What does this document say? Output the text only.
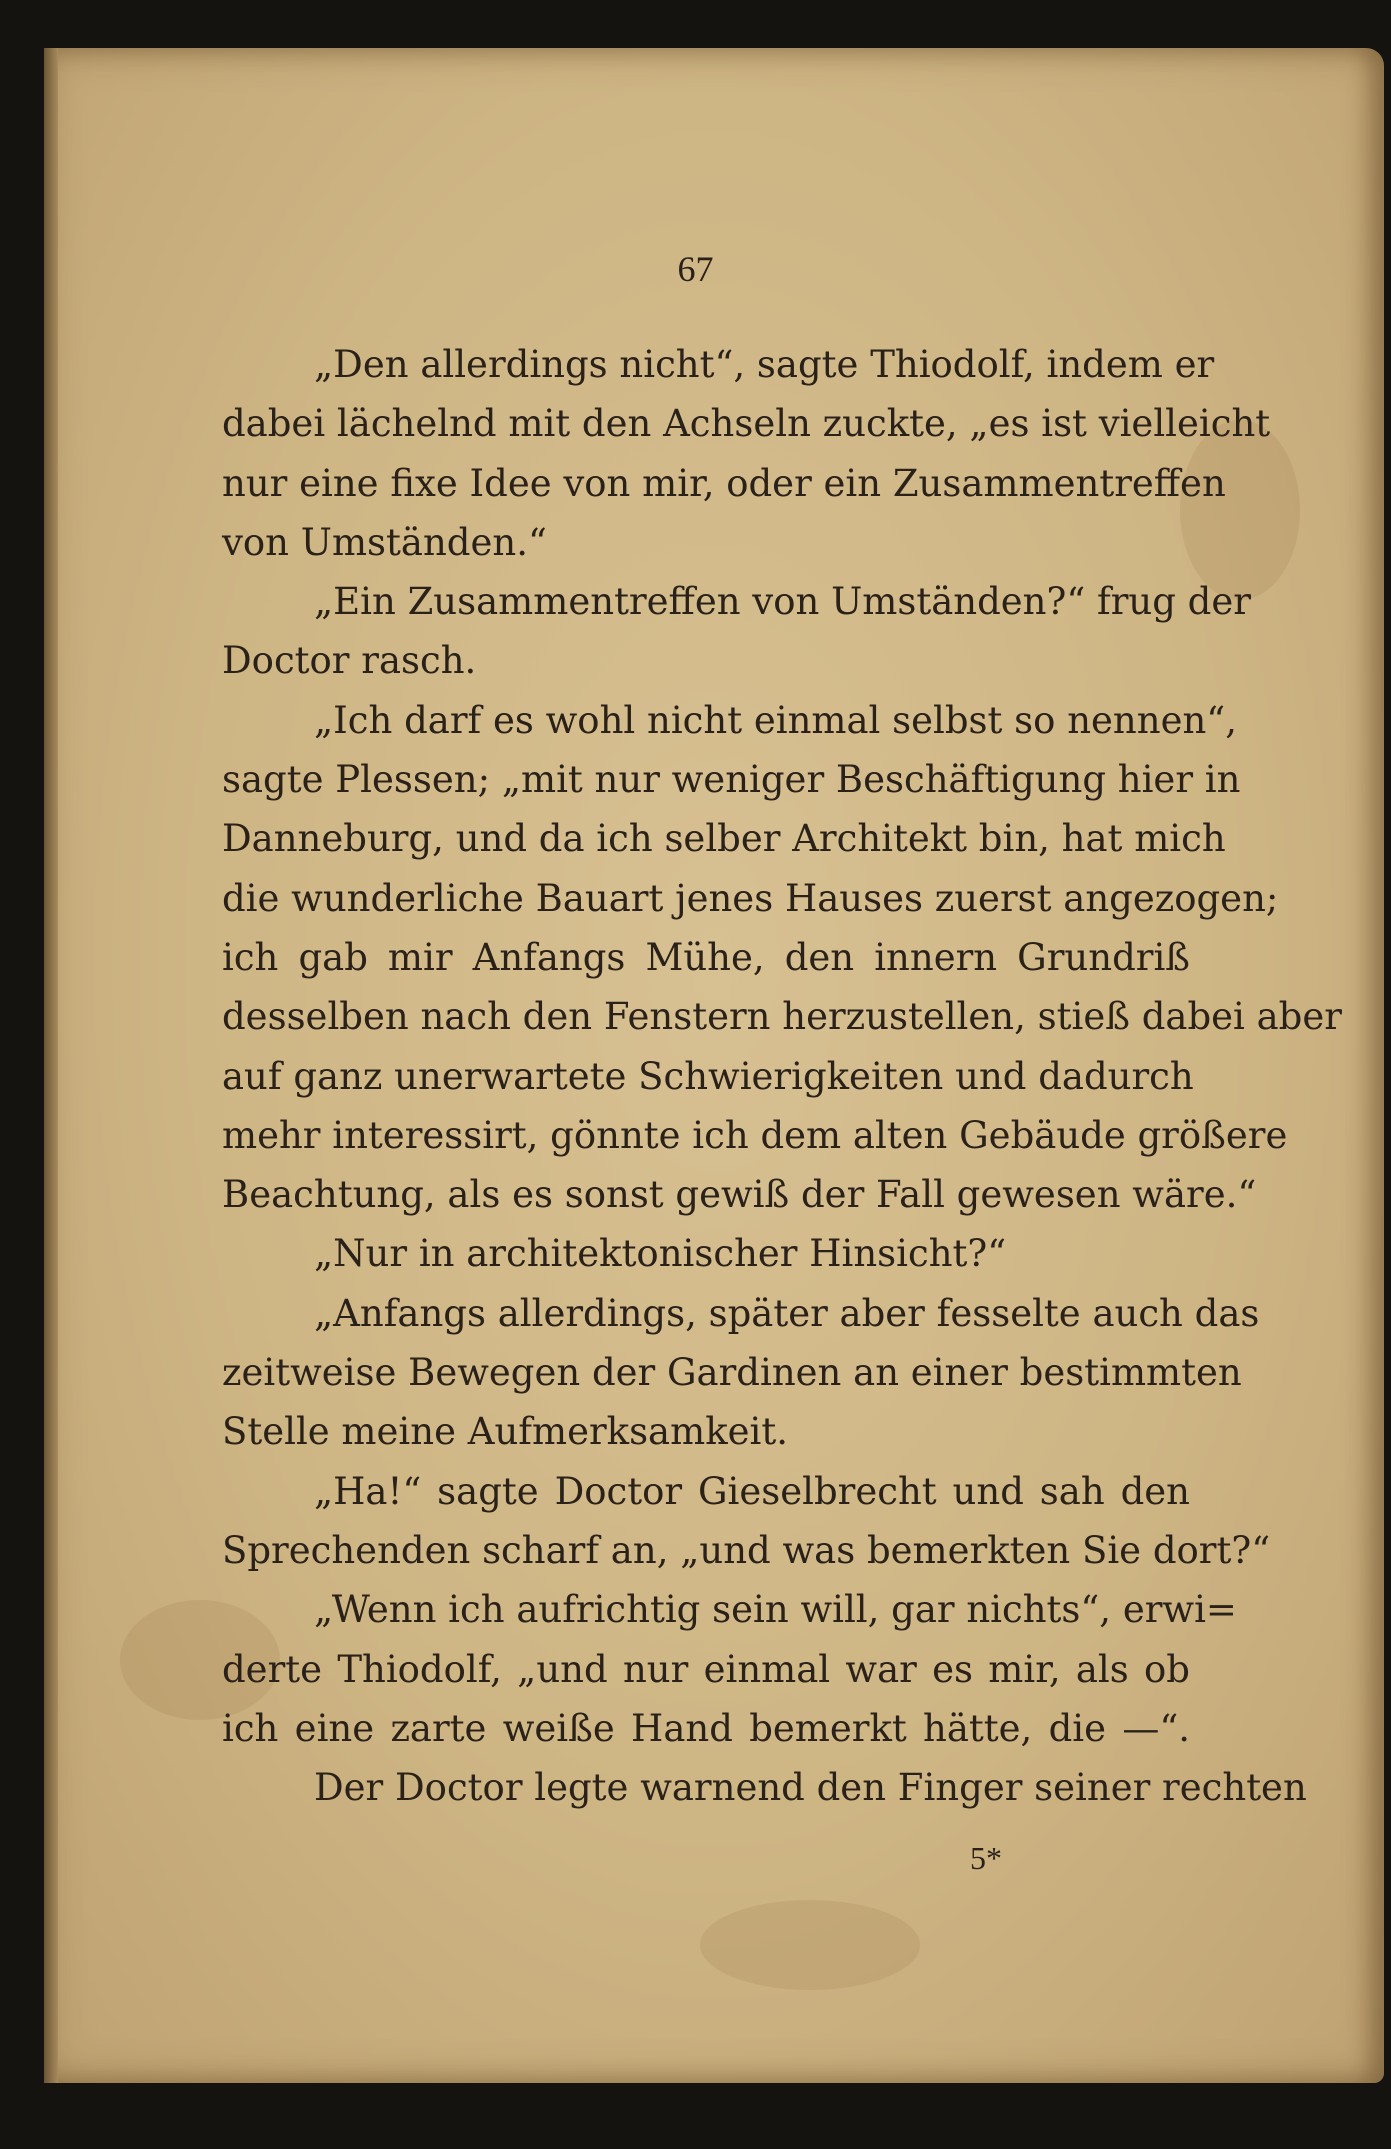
67
„Den allerdings nicht“, sagte Thiodolf, indem er
dabei lächelnd mit den Achseln zuckte, „es ist vielleicht
nur eine fixe Idee von mir, oder ein Zusammentreffen
von Umständen.“
„Ein Zusammentreffen von Umständen?“ frug der
Doctor rasch.
„Ich darf es wohl nicht einmal selbst so nennen“,
sagte Plessen; „mit nur weniger Beschäftigung hier in
Danneburg, und da ich selber Architekt bin, hat mich
die wunderliche Bauart jenes Hauses zuerst angezogen;
ich gab mir Anfangs Mühe, den innern Grundriß
desselben nach den Fenstern herzustellen, stieß dabei aber
auf ganz unerwartete Schwierigkeiten und dadurch
mehr interessirt, gönnte ich dem alten Gebäude größere
Beachtung, als es sonst gewiß der Fall gewesen wäre.“
„Nur in architektonischer Hinsicht?“
„Anfangs allerdings, später aber fesselte auch das
zeitweise Bewegen der Gardinen an einer bestimmten
Stelle meine Aufmerksamkeit.
„Ha!“ sagte Doctor Gieselbrecht und sah den
Sprechenden scharf an, „und was bemerkten Sie dort?“
„Wenn ich aufrichtig sein will, gar nichts“, erwi=
derte Thiodolf, „und nur einmal war es mir, als ob
ich eine zarte weiße Hand bemerkt hätte, die —“.
Der Doctor legte warnend den Finger seiner rechten
5*
